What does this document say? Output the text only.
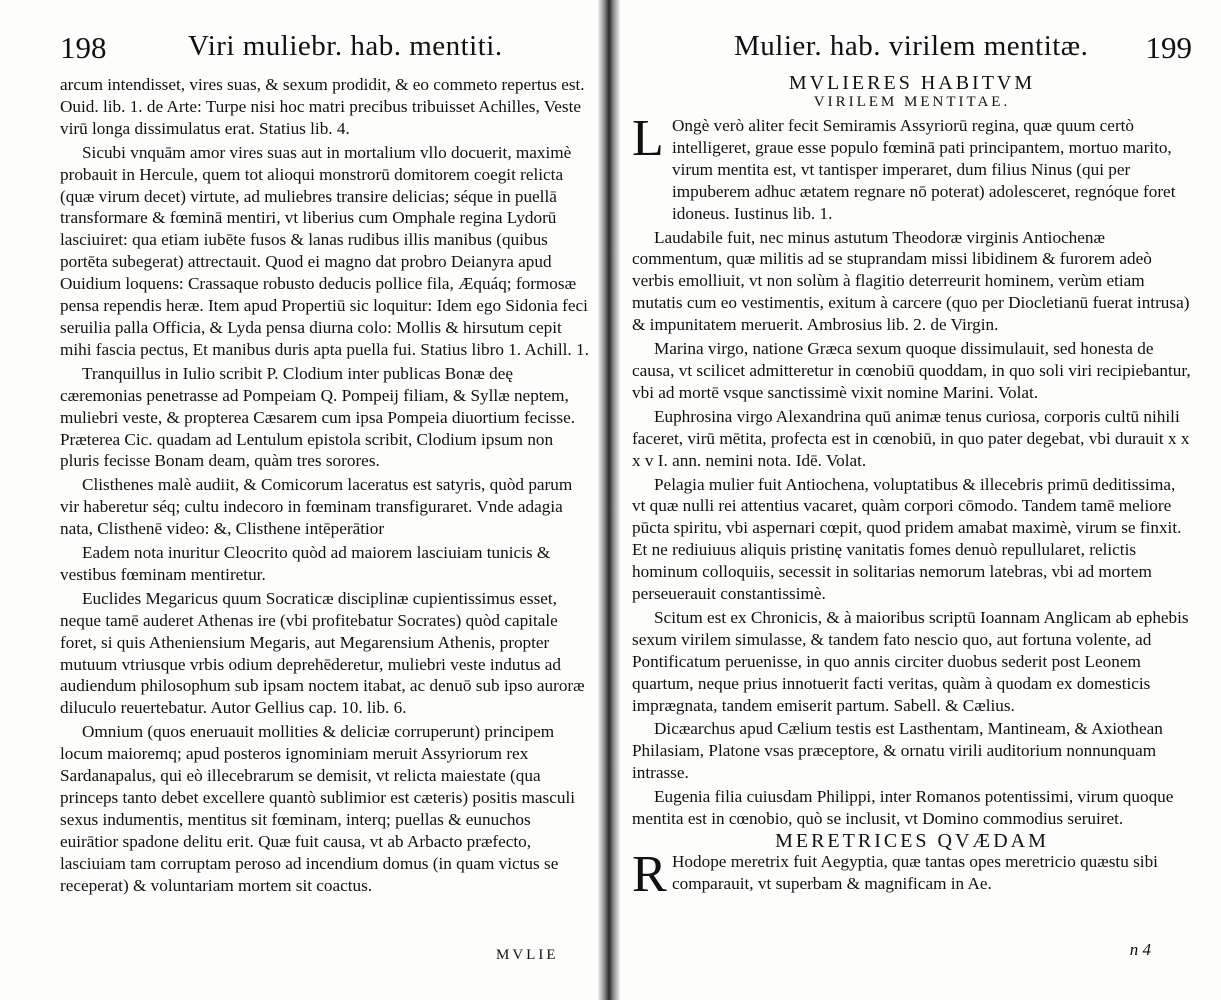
198	Viri muliebr. hab. mentiti.

arcum intendisset, vires suas, & sexum prodidit, & eo commeto repertus est. Ouid. lib. 1. de Arte: Turpe nisi hoc matri precibus tribuisset Achilles, Veste virū longa dissimulatus erat. Statius lib. 4.

Sicubi vnquām amor vires suas aut in mortalium vllo docuerit, maximè probauit in Hercule, quem tot alioqui monstrorū domitorem coegit relicta (quæ virum decet) virtute, ad muliebres transire delicias; séque in puellā transformare & fœminā mentiri, vt liberius cum Omphale regina Lydorū lasciuiret: qua etiam iubēte fusos & lanas rudibus illis manibus (quibus portēta subegerat) attrectauit. Quod ei magno dat probro Deianyra apud Ouidium loquens: Crassaque robusto deducis pollice fila, Æquáq; formosæ pensa rependis heræ. Item apud Propertiū sic loquitur: Idem ego Sidonia feci seruilia palla Officia, & Lyda pensa diurna colo: Mollis & hirsutum cepit mihi fascia pectus, Et manibus duris apta puella fui. Statius libro 1. Achill. 1.

Tranquillus in Iulio scribit P. Clodium inter publicas Bonæ deę cæremonias penetrasse ad Pompeiam Q. Pompeij filiam, & Syllæ neptem, muliebri veste, & propterea Cæsarem cum ipsa Pompeia diuortium fecisse. Præterea Cic. quadam ad Lentulum epistola scribit, Clodium ipsum non pluris fecisse Bonam deam, quàm tres sorores.

Clisthenes malè audiit, & Comicorum laceratus est satyris, quòd parum vir haberetur séq; cultu indecoro in fœminam transfiguraret. Vnde adagia nata, Clisthenē video: &, Clisthene intēperātior

Eadem nota inuritur Cleocrito quòd ad maiorem lasciuiam tunicis & vestibus fœminam mentiretur.

Euclides Megaricus quum Socraticæ disciplinæ cupientissimus esset, neque tamē auderet Athenas ire (vbi profitebatur Socrates) quòd capitale foret, si quis Atheniensium Megaris, aut Megarensium Athenis, propter mutuum vtriusque vrbis odium deprehēderetur, muliebri veste indutus ad audiendum philosophum sub ipsam noctem itabat, ac denuō sub ipso auroræ diluculo reuertebatur. Autor Gellius cap. 10. lib. 6.

Omnium (quos eneruauit mollities & deliciæ corruperunt) principem locum maioremq; apud posteros ignominiam meruit Assyriorum rex Sardanapalus, qui eò illecebrarum se demisit, vt relicta maiestate (qua princeps tanto debet excellere quantò sublimior est cæteris) positis masculi sexus indumentis, mentitus sit fœminam, interq; puellas & eunuchos euirātior spadone delitu erit. Quæ fuit causa, vt ab Arbacto præfecto, lasciuiam tam corruptam peroso ad incendium domus (in quam victus se receperat) & voluntariam mortem sit coactus.

MVLIE
Mulier. hab. virilem mentitæ. 199

MVLIERES HABITVM

VIRILEM MENTITAE.

L Ongè verò aliter fecit Semiramis Assyriorū regina, quæ quum certò intelligeret, graue esse populo fœminā pati principantem, mortuo marito, virum mentita est, vt tantisper imperaret, dum filius Ninus (qui per impuberem adhuc ætatem regnare nō poterat) adolesceret, regnóque foret idoneus. Iustinus lib. 1.

Laudabile fuit, nec minus astutum Theodoræ virginis Antiochenæ commentum, quæ militis ad se stuprandam missi libidinem & furorem adeò verbis emolliuit, vt non solùm à flagitio deterreurit hominem, verùm etiam mutatis cum eo vestimentis, exitum à carcere (quo per Diocletianū fuerat intrusa) & impunitatem meruerit. Ambrosius lib. 2. de Virgin.

Marina virgo, natione Græca sexum quoque dissimulauit, sed honesta de causa, vt scilicet admitteretur in cœnobiū quoddam, in quo soli viri recipiebantur, vbi ad mortē vsque sanctissimè vixit nomine Marini. Volat.

Euphrosina virgo Alexandrina quū animæ tenus curiosa, corporis cultū nihili faceret, virū mētita, profecta est in cœnobiū, in quo pater degebat, vbi durauit x x x v I. ann. nemini nota. Idē. Volat.

Pelagia mulier fuit Antiochena, voluptatibus & illecebris primū deditissima, vt quæ nulli rei attentius vacaret, quàm corpori cōmodo. Tandem tamē meliore pūcta spiritu, vbi aspernari cœpit, quod pridem amabat maximè, virum se finxit. Et ne rediuiuus aliquis pristinę vanitatis fomes denuò repullularet, relictis hominum colloquiis, secessit in solitarias nemorum latebras, vbi ad mortem perseuerauit constantissimè.

Scitum est ex Chronicis, & à maioribus scriptū Ioannam Anglicam ab ephebis sexum virilem simulasse, & tandem fato nescio quo, aut fortuna volente, ad Pontificatum peruenisse, in quo annis circiter duobus sederit post Leonem quartum, neque prius innotuerit facti veritas, quàm à quodam ex domesticis imprægnata, tandem emiserit partum. Sabell. & Cælius.

Dicæarchus apud Cælium testis est Lasthentam, Mantineam, & Axiothean Philasiam, Platone vsas præceptore, & ornatu virili auditorium nonnunquam intrasse.

Eugenia filia cuiusdam Philippi, inter Romanos potentissimi, virum quoque mentita est in cœnobio, quò se inclusit, vt Domino commodius seruiret.

MERETRICES QVÆDAM

R Hodope meretrix fuit Aegyptia, quæ tantas opes meretricio quæstu sibi comparauit, vt superbam & magnificam in Ae.

n 4
